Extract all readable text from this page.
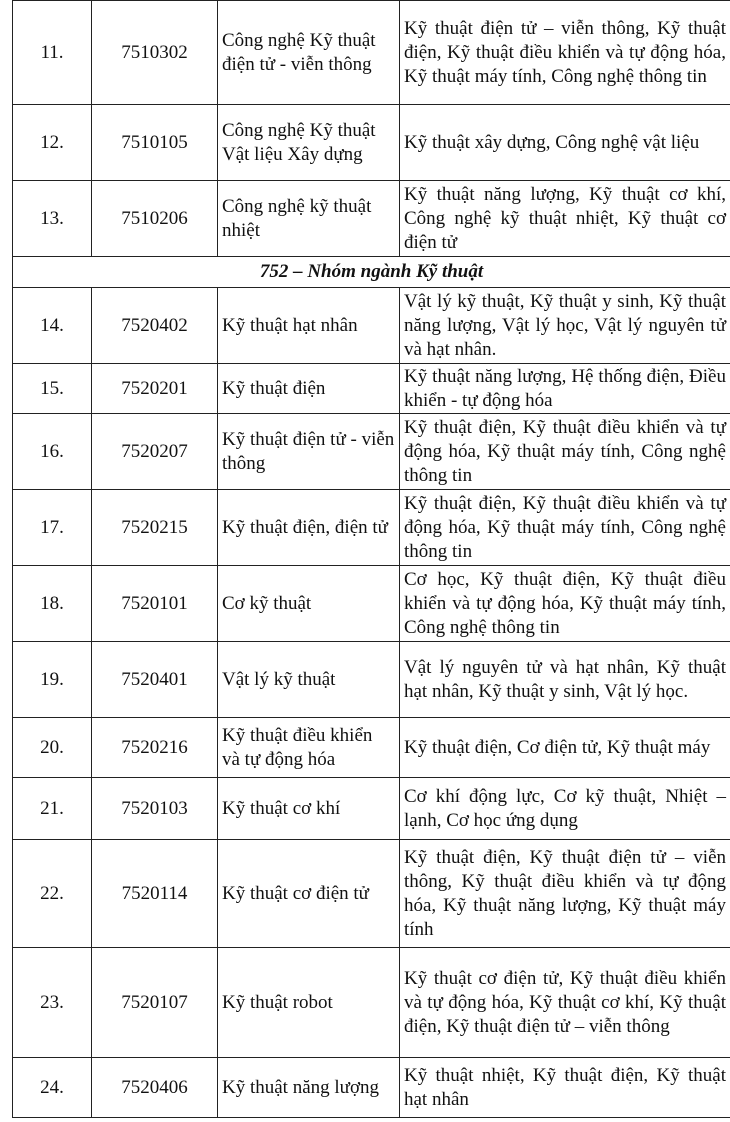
11.	7510302	Công nghệ Kỹ thuật điện tử - viễn thông	Kỹ thuật điện tử – viễn thông, Kỹ thuật điện, Kỹ thuật điều khiển và tự động hóa, Kỹ thuật máy tính, Công nghệ thông tin
12.	7510105	Công nghệ Kỹ thuật Vật liệu Xây dựng	Kỹ thuật xây dựng, Công nghệ vật liệu
13.	7510206	Công nghệ kỹ thuật nhiệt	Kỹ thuật năng lượng, Kỹ thuật cơ khí, Công nghệ kỹ thuật nhiệt, Kỹ thuật cơ điện tử
752 – Nhóm ngành Kỹ thuật			
14.	7520402	Kỹ thuật hạt nhân	Vật lý kỹ thuật, Kỹ thuật y sinh, Kỹ thuật năng lượng, Vật lý học, Vật lý nguyên tử và hạt nhân.
15.	7520201	Kỹ thuật điện	Kỹ thuật năng lượng, Hệ thống điện, Điều khiển - tự động hóa
16.	7520207	Kỹ thuật điện tử - viễn thông	Kỹ thuật điện, Kỹ thuật điều khiển và tự động hóa, Kỹ thuật máy tính, Công nghệ thông tin
17.	7520215	Kỹ thuật điện, điện tử	Kỹ thuật điện, Kỹ thuật điều khiển và tự động hóa, Kỹ thuật máy tính, Công nghệ thông tin
18.	7520101	Cơ kỹ thuật	Cơ học, Kỹ thuật điện, Kỹ thuật điều khiển và tự động hóa, Kỹ thuật máy tính, Công nghệ thông tin
19.	7520401	Vật lý kỹ thuật	Vật lý nguyên tử và hạt nhân, Kỹ thuật hạt nhân, Kỹ thuật y sinh, Vật lý học.
20.	7520216	Kỹ thuật điều khiển và tự động hóa	Kỹ thuật điện, Cơ điện tử, Kỹ thuật máy
21.	7520103	Kỹ thuật cơ khí	Cơ khí động lực, Cơ kỹ thuật, Nhiệt – lạnh, Cơ học ứng dụng
22.	7520114	Kỹ thuật cơ điện tử	Kỹ thuật điện, Kỹ thuật điện tử – viễn thông, Kỹ thuật điều khiển và tự động hóa, Kỹ thuật năng lượng, Kỹ thuật máy tính
23.	7520107	Kỹ thuật robot	Kỹ thuật cơ điện tử, Kỹ thuật điều khiển và tự động hóa, Kỹ thuật cơ khí, Kỹ thuật điện, Kỹ thuật điện tử – viễn thông
24.	7520406	Kỹ thuật năng lượng	Kỹ thuật nhiệt, Kỹ thuật điện, Kỹ thuật hạt nhân
